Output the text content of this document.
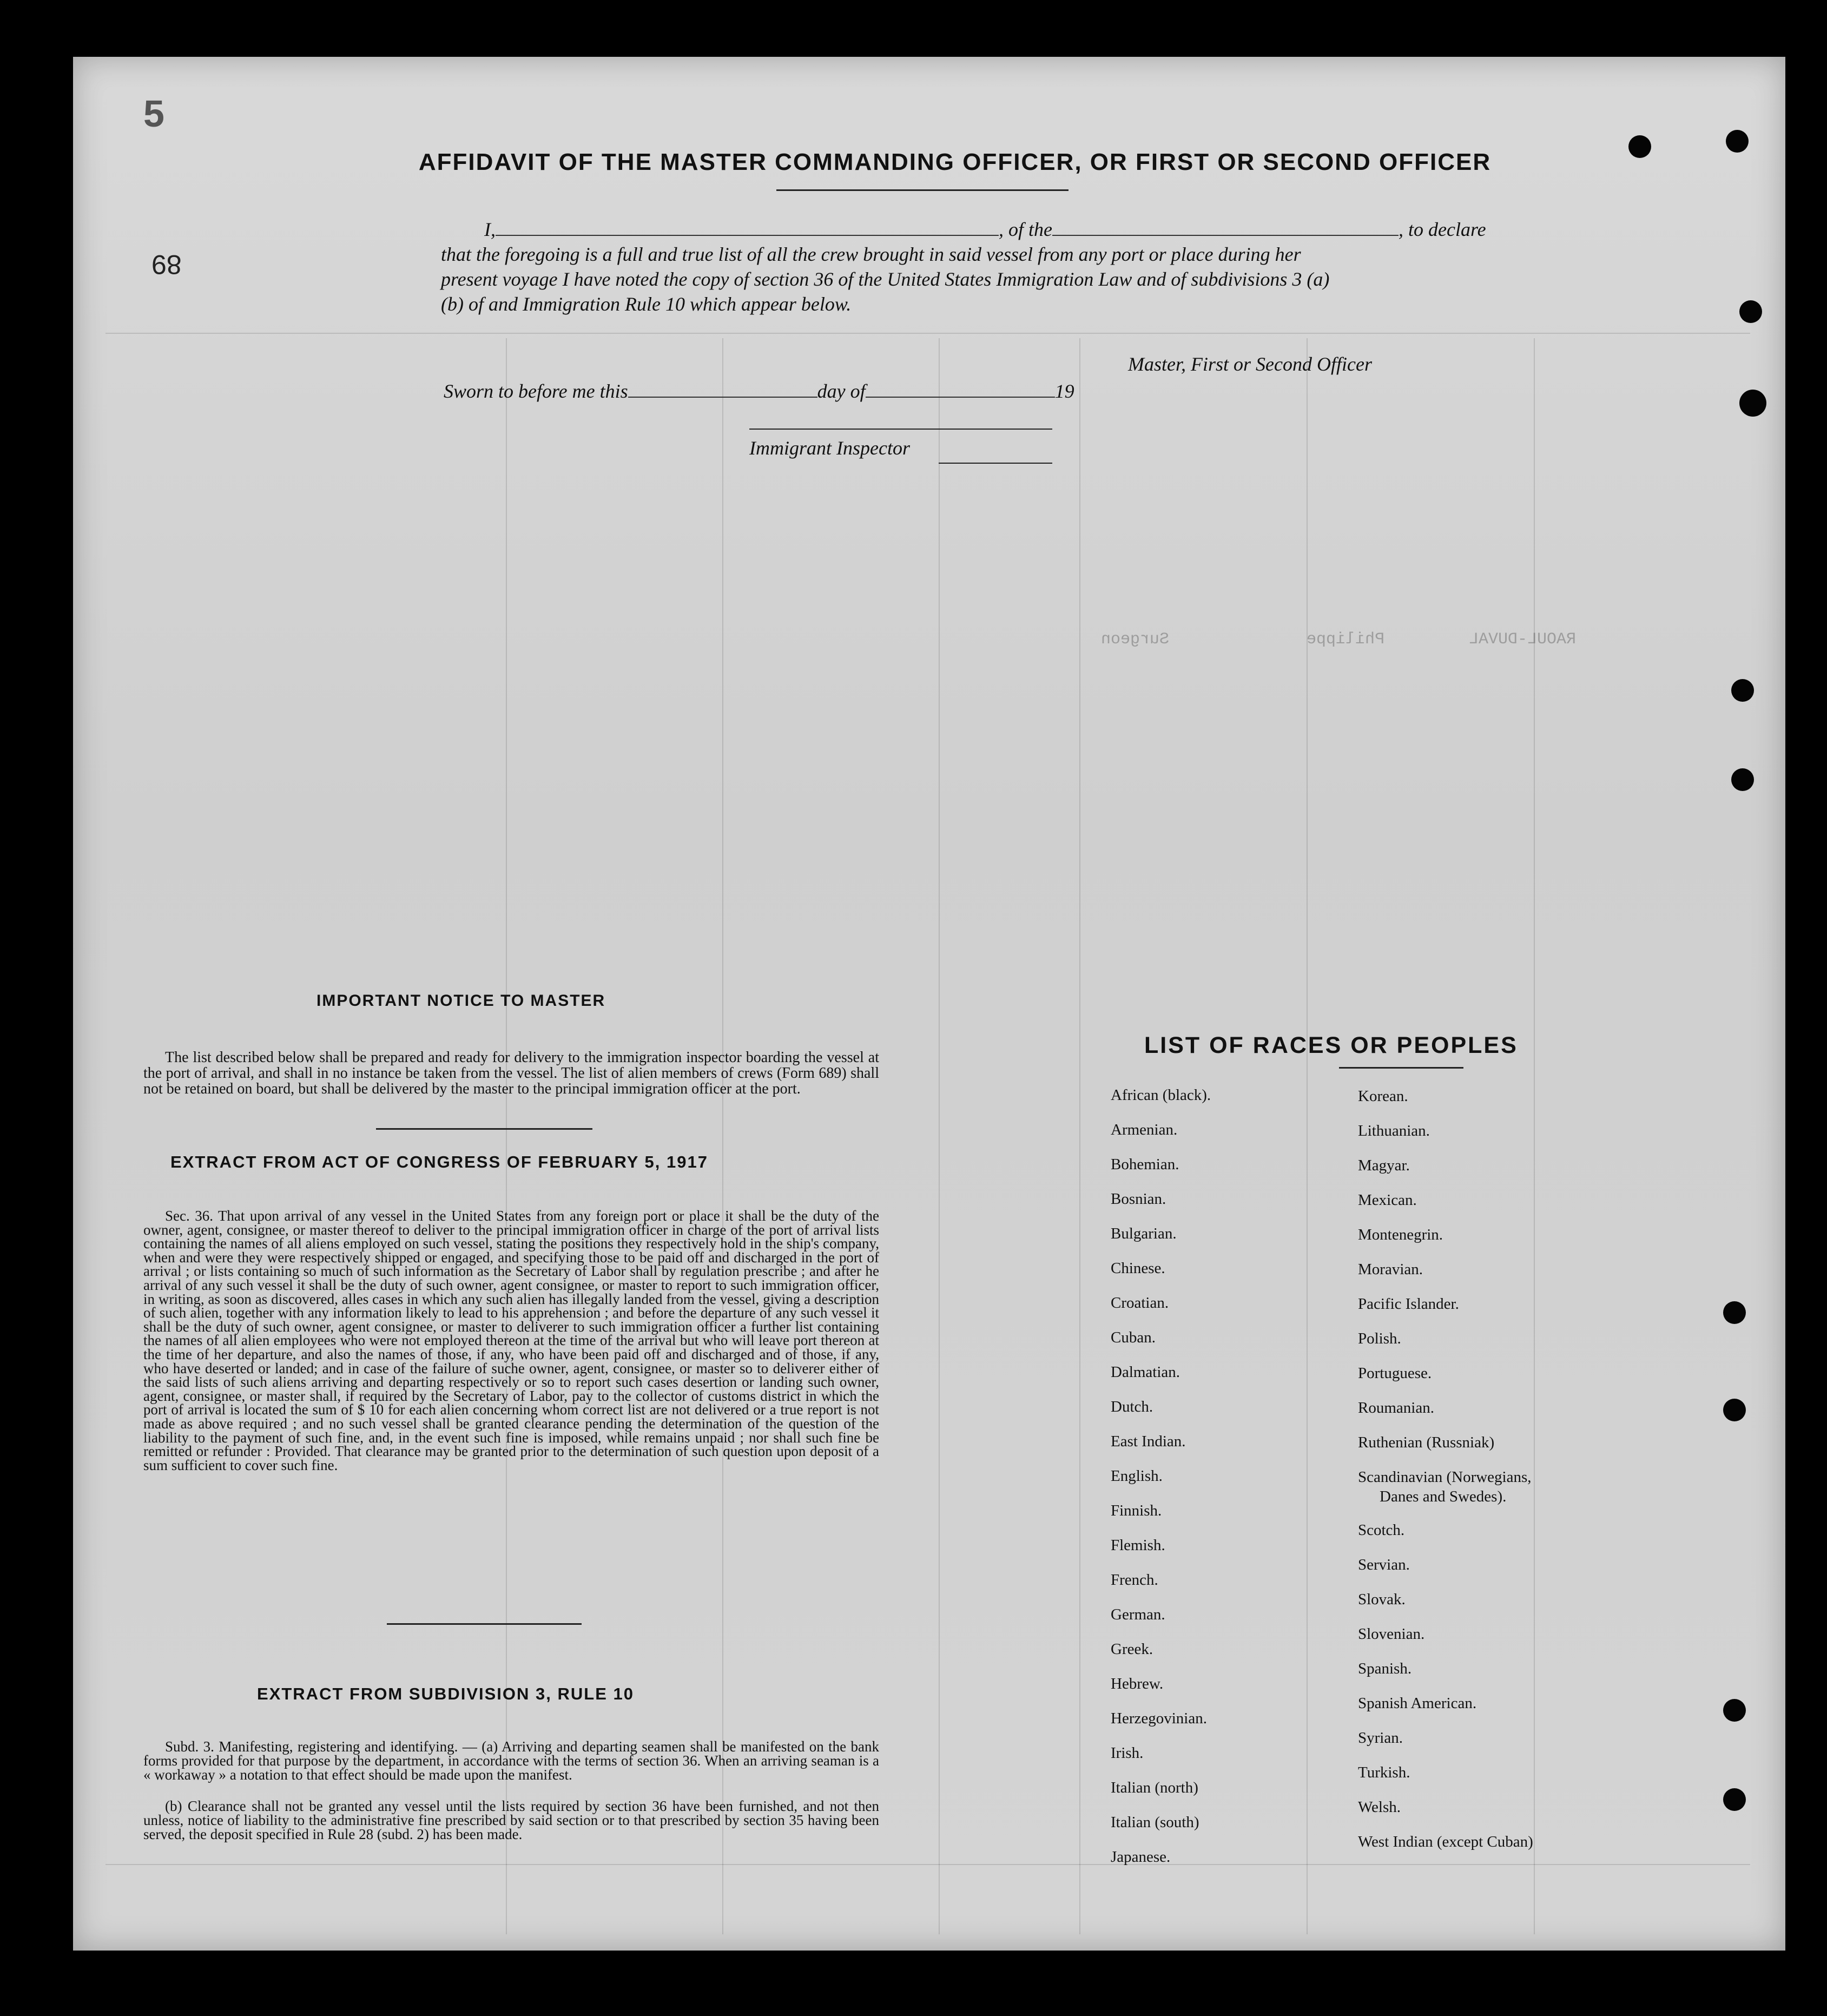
Surgeon	Philippe	RAOUL-DUVAL
89
5
AFFIDAVIT OF THE MASTER COMMANDING OFFICER, OR FIRST OR SECOND OFFICER
I,	, of the	, to declare
that the foregoing is a full and true list of all the crew brought in said vessel from any port or place during her
present voyage I have noted the copy of section 36 of the United States Immigration Law and of subdivisions 3 (a)
(b) of and Immigration Rule 10 which appear below.
Master, First or Second Officer
Sworn to before me this	day of	19
Immigrant Inspector
IMPORTANT NOTICE TO MASTER
The list described below shall be prepared and ready for delivery to the immigration inspector boarding the vessel at the port of arrival, and shall in no instance be taken from the vessel. The list of alien members of crews (Form 689) shall not be retained on board, but shall be delivered by the master to the principal immigration officer at the port.
EXTRACT FROM ACT OF CONGRESS OF FEBRUARY 5, 1917
Sec. 36. That upon arrival of any vessel in the United States from any foreign port or place it shall be the duty of the owner, agent, consignee, or master thereof to deliver to the principal immigration officer in charge of the port of arrival lists containing the names of all aliens employed on such vessel, stating the positions they respectively hold in the ship's company, when and were they were respectively shipped or engaged, and specifying those to be paid off and discharged in the port of arrival ; or lists containing so much of such information as the Secretary of Labor shall by regulation prescribe ; and after he arrival of any such vessel it shall be the duty of such owner, agent consignee, or master to report to such immigration officer, in writing, as soon as discovered, alles cases in which any such alien has illegally landed from the vessel, giving a description of such alien, together with any information likely to lead to his apprehension ; and before the departure of any such vessel it shall be the duty of such owner, agent consignee, or master to deliverer to such immigration officer a further list containing the names of all alien employees who were not employed thereon at the time of the arrival but who will leave port thereon at the time of her departure, and also the names of those, if any, who have been paid off and discharged and of those, if any, who have deserted or landed; and in case of the failure of suche owner, agent, consignee, or master so to deliverer either of the said lists of such aliens arriving and departing respectively or so to report such cases desertion or landing such owner, agent, consignee, or master shall, if required by the Secretary of Labor, pay to the collector of customs district in which the port of arrival is located the sum of $ 10 for each alien concerning whom correct list are not delivered or a true report is not made as above required ; and no such vessel shall be granted clearance pending the determination of the question of the liability to the payment of such fine, and, in the event such fine is imposed, while remains unpaid ; nor shall such fine be remitted or refunder : Provided. That clearance may be granted prior to the determination of such question upon deposit of a sum sufficient to cover such fine.
EXTRACT FROM SUBDIVISION 3, RULE 10
Subd. 3. Manifesting, registering and identifying. — (a) Arriving and departing seamen shall be manifested on the bank forms provided for that purpose by the department, in accordance with the terms of section 36. When an arriving seaman is a « workaway » a notation to that effect should be made upon the manifest.
(b) Clearance shall not be granted any vessel until the lists required by section 36 have been furnished, and not then unless, notice of liability to the administrative fine prescribed by said section or to that prescribed by section 35 having been served, the deposit specified in Rule 28 (subd. 2) has been made.
LIST OF RACES OR PEOPLES
African (black).
Armenian.
Bohemian.
Bosnian.
Bulgarian.
Chinese.
Croatian.
Cuban.
Dalmatian.
Dutch.
East Indian.
English.
Finnish.
Flemish.
French.
German.
Greek.
Hebrew.
Herzegovinian.
Irish.
Italian (north)
Italian (south)
Japanese.
Korean.
Lithuanian.
Magyar.
Mexican.
Montenegrin.
Moravian.
Pacific Islander.
Polish.
Portuguese.
Roumanian.
Ruthenian (Russniak)
Scandinavian (Norwegians,
Danes and Swedes).
Scotch.
Servian.
Slovak.
Slovenian.
Spanish.
Spanish American.
Syrian.
Turkish.
Welsh.
West Indian (except Cuban)
